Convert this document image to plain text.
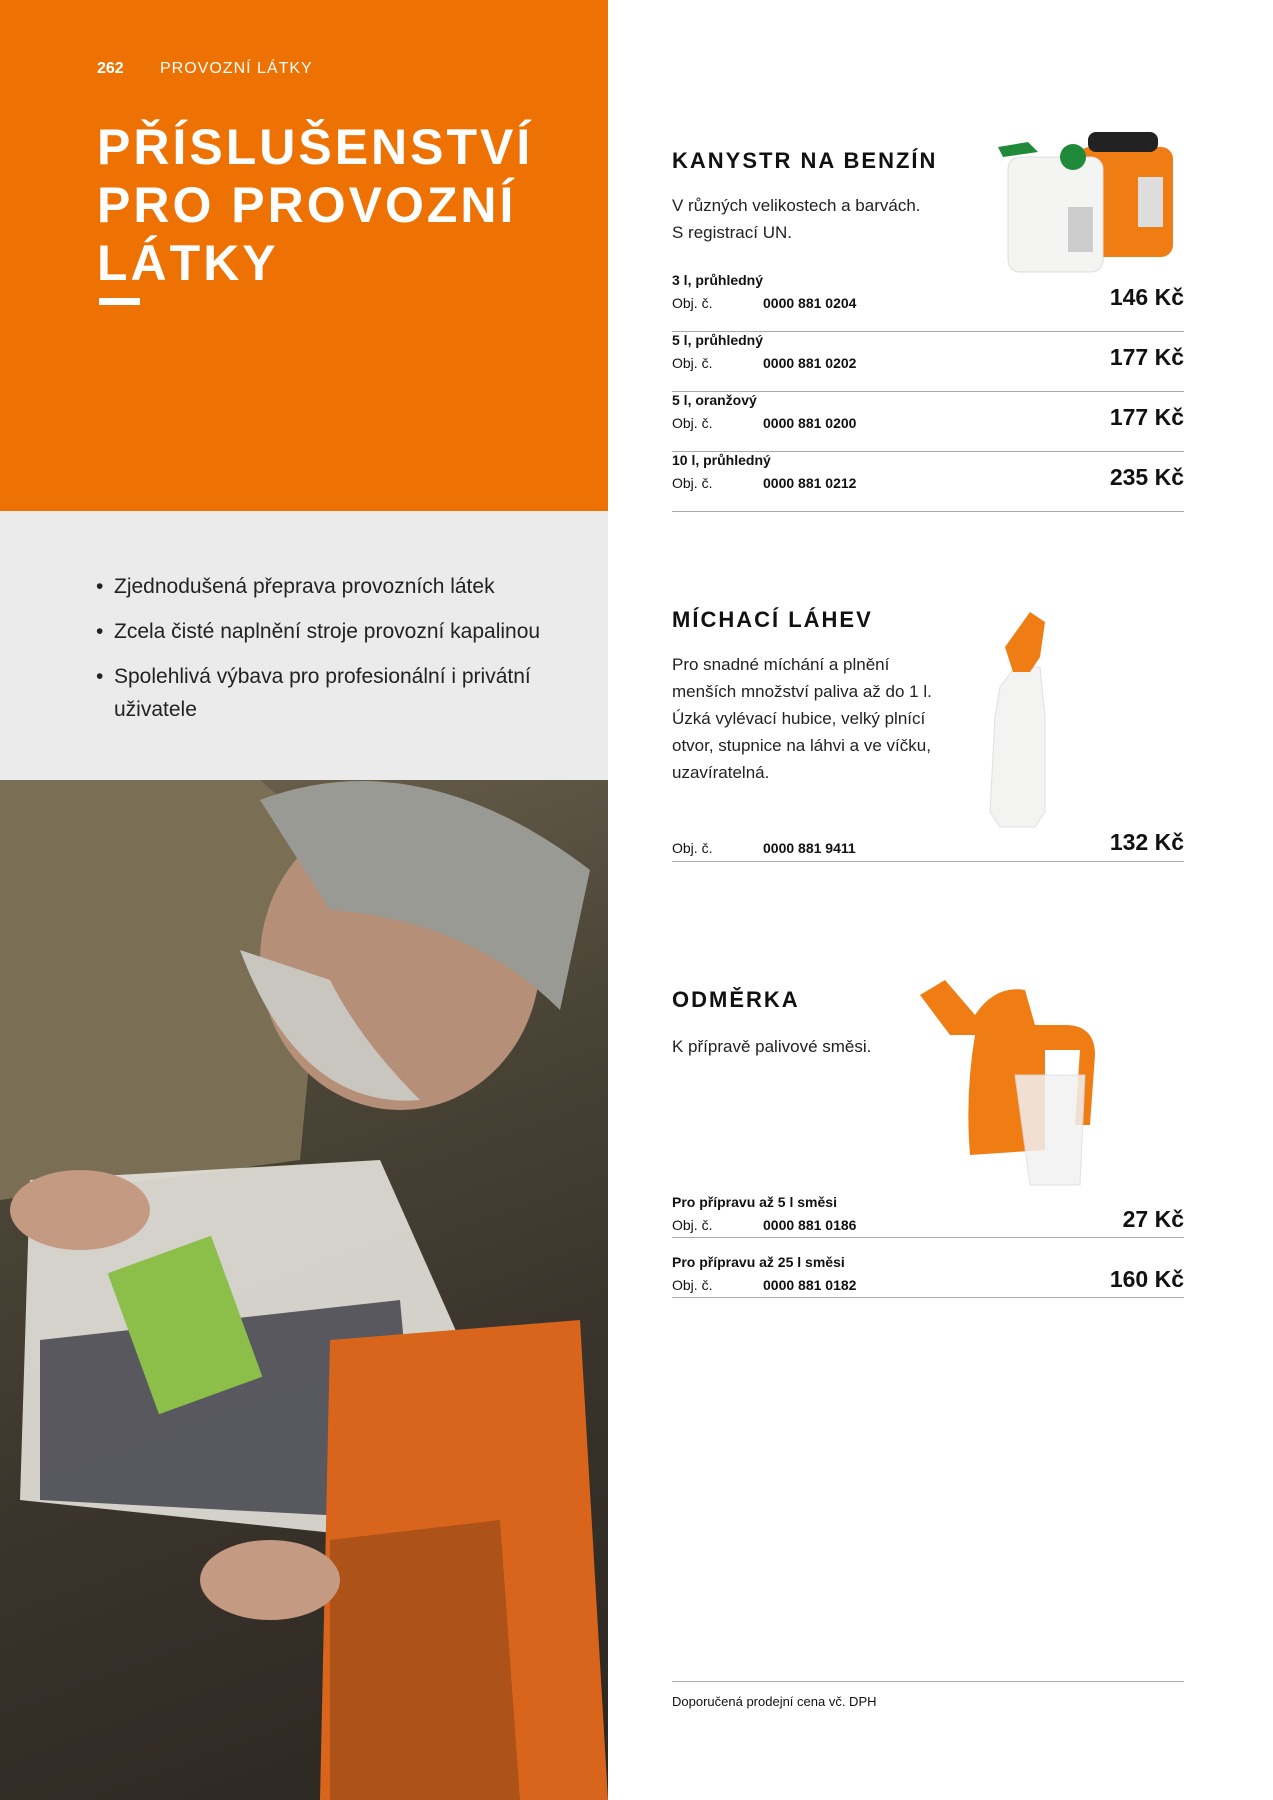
262 PROVOZNÍ LÁTKY
PŘÍSLUŠENSTVÍ
PRO PROVOZNÍ
LÁTKY
• Zjednodušená přeprava provozních látek
• Zcela čisté naplnění stroje provozní kapalinou
• Spolehlivá výbava pro profesionální i privátní uživatele
KANYSTR NA BENZÍN
V různých velikostech a barvách.
S registrací UN.
3 l, průhledný
Obj. č.	0000 881 0204	146 Kč
5 l, průhledný
Obj. č.	0000 881 0202	177 Kč
5 l, oranžový
Obj. č.	0000 881 0200	177 Kč
10 l, průhledný
Obj. č.	0000 881 0212	235 Kč
MÍCHACÍ LÁHEV
Pro snadné míchání a plnění
menších množství paliva až do 1 l.
Úzká vylévací hubice, velký plnící
otvor, stupnice na láhvi a ve víčku,
uzavíratelná.
Obj. č.	0000 881 9411	132 Kč
ODMĚRKA
K přípravě palivové směsi.
Pro přípravu až 5 l směsi
Obj. č.	0000 881 0186	27 Kč
Pro přípravu až 25 l směsi
Obj. č.	0000 881 0182	160 Kč
Doporučená prodejní cena vč. DPH
